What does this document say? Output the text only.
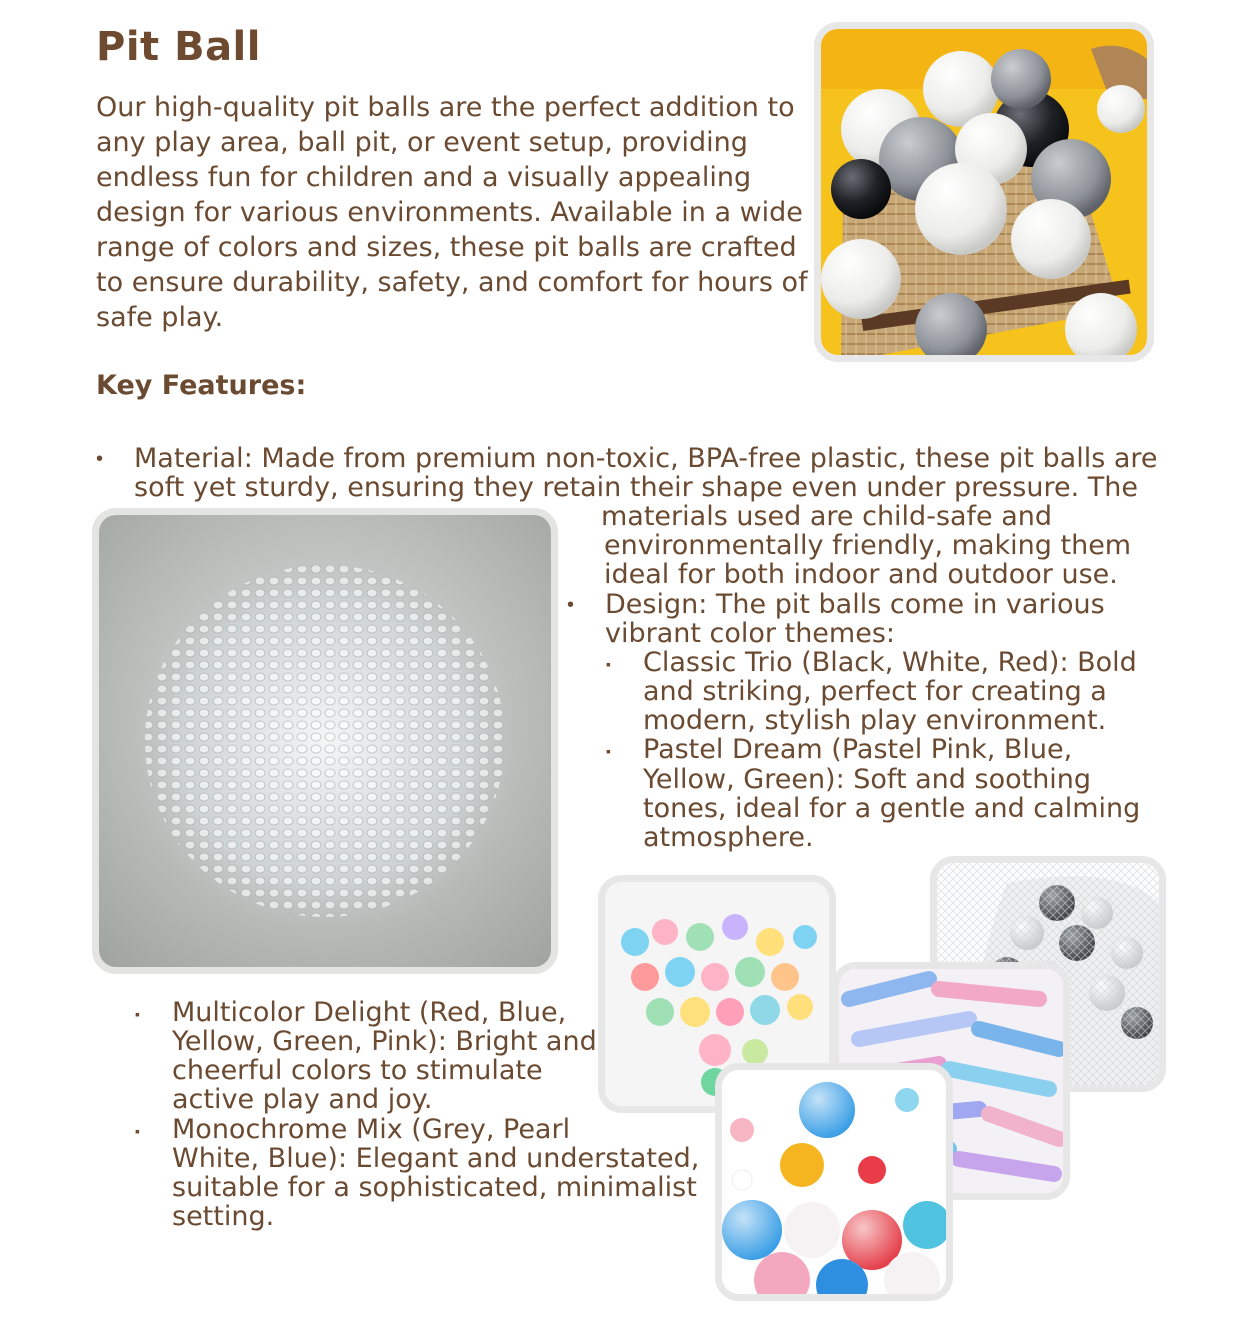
Pit Ball

Our high-quality pit balls are the perfect addition to any play area, ball pit, or event setup, providing endless fun for children and a visually appealing design for various environments. Available in a wide range of colors and sizes, these pit balls are crafted to ensure durability, safety, and comfort for hours of safe play.

Key Features:
• Material: Made from premium non-toxic, BPA-free plastic, these pit balls are

soft yet sturdy, ensuring they retain their shape even under pressure. The

materials used are child-safe and

environmentally friendly, making them

ideal for both indoor and outdoor use.

• Design: The pit balls come in various

vibrant color themes:

▪ Classic Trio (Black, White, Red): Bold

and striking, perfect for creating a

modern, stylish play environment.

▪ Pastel Dream (Pastel Pink, Blue,

Yellow, Green): Soft and soothing

tones, ideal for a gentle and calming

atmosphere.

▪ Multicolor Delight (Red, Blue,

Yellow, Green, Pink): Bright and

cheerful colors to stimulate

active play and joy.

▪ Monochrome Mix (Grey, Pearl

White, Blue): Elegant and understated,

suitable for a sophisticated, minimalist

setting.
